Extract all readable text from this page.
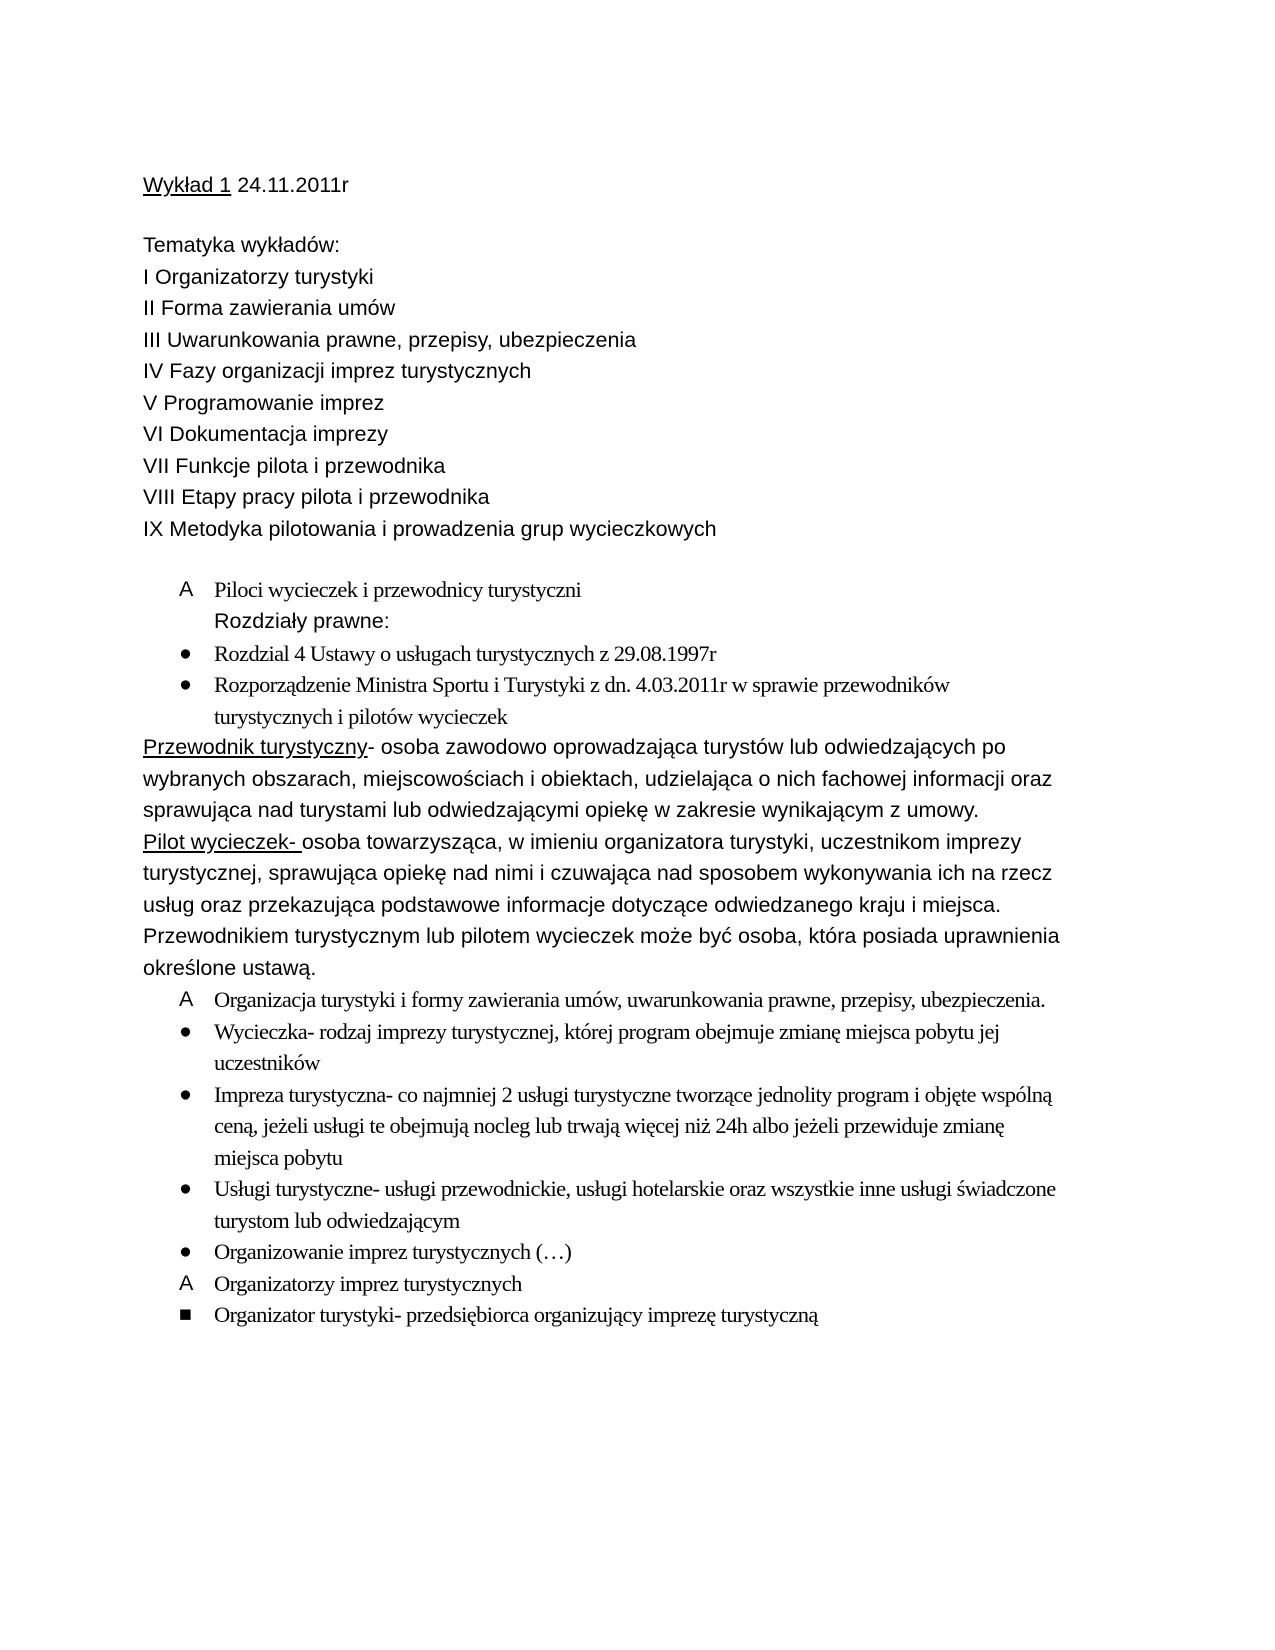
Wykład 1 24.11.2011r
Tematyka wykładów:
I Organizatorzy turystyki
II Forma zawierania umów
III Uwarunkowania prawne, przepisy, ubezpieczenia
IV Fazy organizacji imprez turystycznych
V Programowanie imprez
VI Dokumentacja imprezy
VII Funkcje pilota i przewodnika
VIII Etapy pracy pilota i przewodnika
IX Metodyka pilotowania i prowadzenia grup wycieczkowych
A Piloci wycieczek i przewodnicy turystyczni
Rozdziały prawne:
● Rozdzial 4 Ustawy o usługach turystycznych z 29.08.1997r
● Rozporządzenie Ministra Sportu i Turystyki z dn. 4.03.2011r w sprawie przewodników turystycznych i pilotów wycieczek
Przewodnik turystyczny- osoba zawodowo oprowadzająca turystów lub odwiedzających po wybranych obszarach, miejscowościach i obiektach, udzielająca o nich fachowej informacji oraz sprawująca nad turystami lub odwiedzającymi opiekę w zakresie wynikającym z umowy.
Pilot wycieczek- osoba towarzysząca, w imieniu organizatora turystyki, uczestnikom imprezy turystycznej, sprawująca opiekę nad nimi i czuwająca nad sposobem wykonywania ich na rzecz usług oraz przekazująca podstawowe informacje dotyczące odwiedzanego kraju i miejsca.
Przewodnikiem turystycznym lub pilotem wycieczek może być osoba, która posiada uprawnienia określone ustawą.
A Organizacja turystyki i formy zawierania umów, uwarunkowania prawne, przepisy, ubezpieczenia.
● Wycieczka- rodzaj imprezy turystycznej, której program obejmuje zmianę miejsca pobytu jej uczestników
● Impreza turystyczna- co najmniej 2 usługi turystyczne tworzące jednolity program i objęte wspólną ceną, jeżeli usługi te obejmują nocleg lub trwają więcej niż 24h albo jeżeli przewiduje zmianę miejsca pobytu
● Usługi turystyczne- usługi przewodnickie, usługi hotelarskie oraz wszystkie inne usługi świadczone turystom lub odwiedzającym
● Organizowanie imprez turystycznych (…)
A Organizatorzy imprez turystycznych
■ Organizator turystyki- przedsiębiorca organizujący imprezę turystyczną
